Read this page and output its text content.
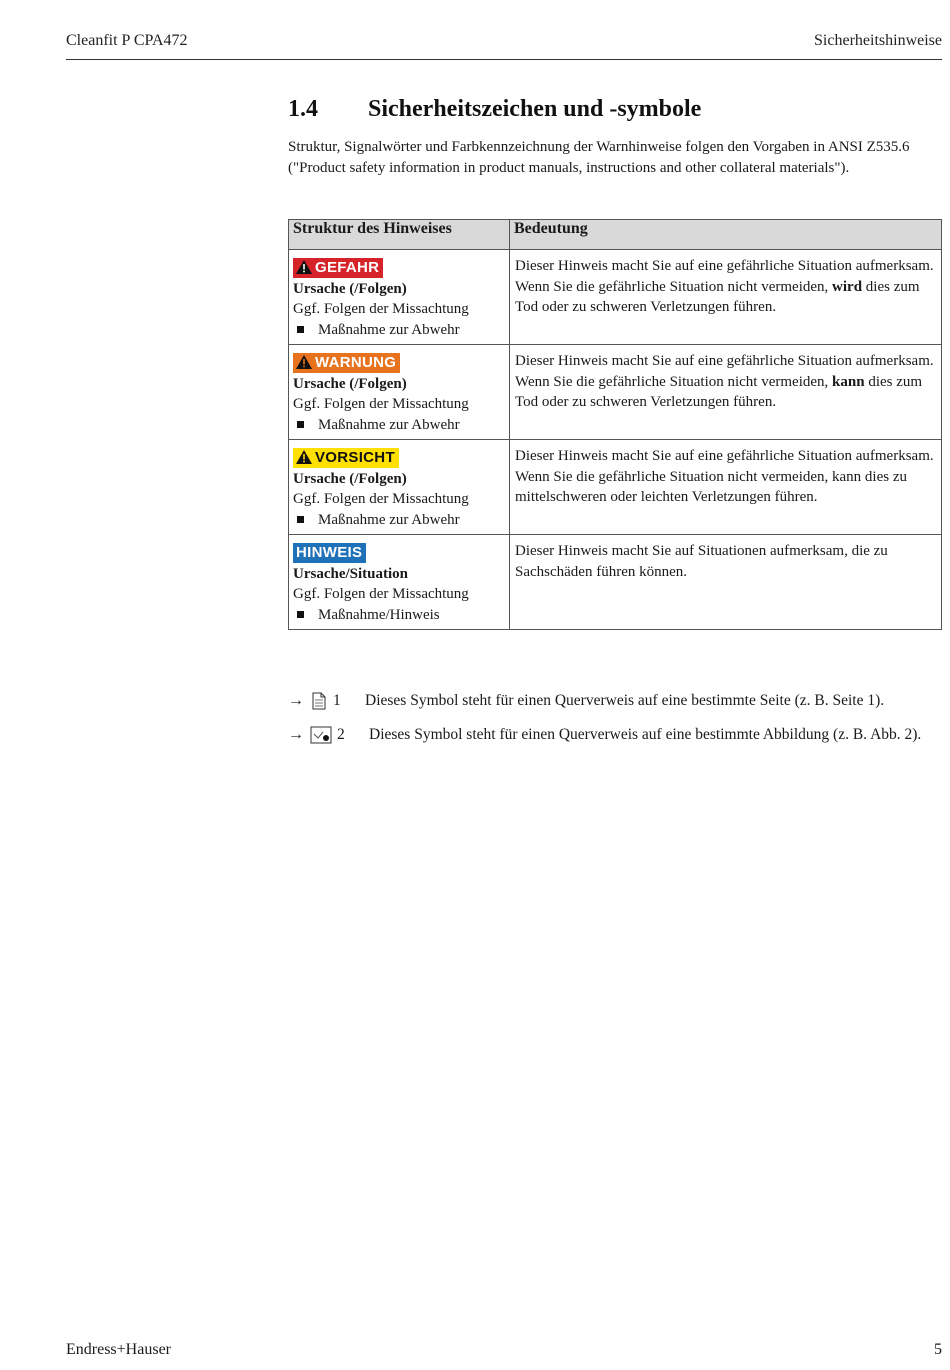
Cleanfit P CPA472	Sicherheitshinweise
1.4 Sicherheitszeichen und -symbole
Struktur, Signalwörter und Farbkennzeichnung der Warnhinweise folgen den Vorgaben in ANSI Z535.6 ("Product safety information in product manuals, instructions and other collateral materials").
Struktur des Hinweises	Bedeutung
GEFAHR
Ursache (/Folgen)
Ggf. Folgen der Missachtung
Maßnahme zur Abwehr	Dieser Hinweis macht Sie auf eine gefährliche Situation aufmerksam.
Wenn Sie die gefährliche Situation nicht vermeiden, wird dies zum Tod oder zu schweren Verletzungen führen.
WARNUNG
Ursache (/Folgen)
Ggf. Folgen der Missachtung
Maßnahme zur Abwehr	Dieser Hinweis macht Sie auf eine gefährliche Situation aufmerksam.
Wenn Sie die gefährliche Situation nicht vermeiden, kann dies zum Tod oder zu schweren Verletzungen führen.
VORSICHT
Ursache (/Folgen)
Ggf. Folgen der Missachtung
Maßnahme zur Abwehr	Dieser Hinweis macht Sie auf eine gefährliche Situation aufmerksam.
Wenn Sie die gefährliche Situation nicht vermeiden, kann dies zu mittelschweren oder leichten Verletzungen führen.
HINWEIS
Ursache/Situation
Ggf. Folgen der Missachtung
Maßnahme/Hinweis	Dieser Hinweis macht Sie auf Situationen aufmerksam, die zu Sachschäden führen können.
→	1	Dieses Symbol steht für einen Querverweis auf eine bestimmte Seite (z. B. Seite 1).
→	2	Dieses Symbol steht für einen Querverweis auf eine bestimmte Abbildung (z. B. Abb. 2).
Endress+Hauser	5
